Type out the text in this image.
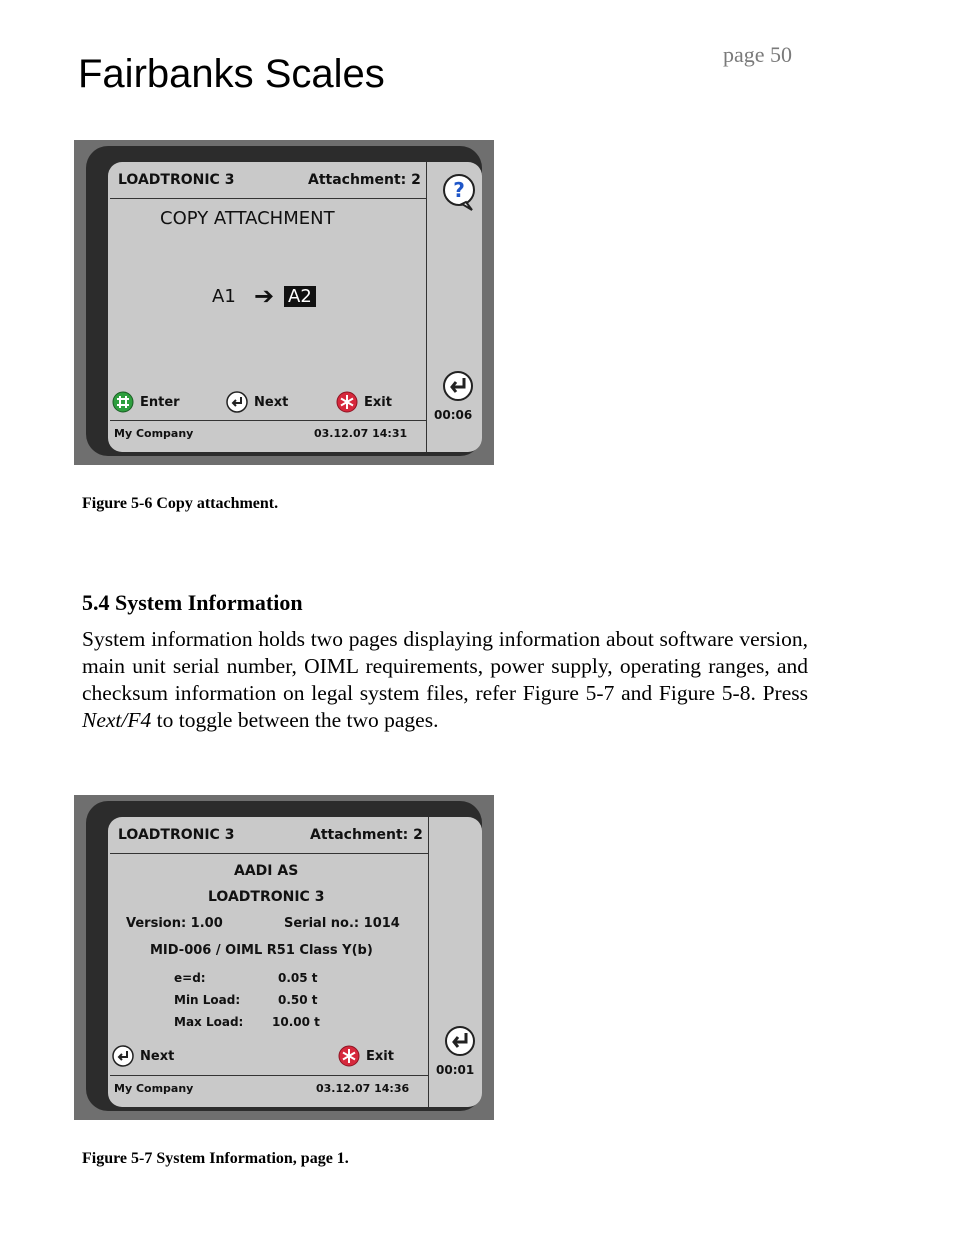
Fairbanks Scales	page 50
LOADTRONIC 3	Attachment: 2 ?
COPY ATTACHMENT
A1 ➔ A2
Enter	Next	Exit
00:06
My Company	03.12.07 14:31
Figure 5-6 Copy attachment.
5.4 System Information
System information holds two pages displaying information about software version, main unit serial number, OIML requirements, power supply, operating ranges, and checksum information on legal system files, refer Figure 5-7 and Figure 5-8. Press Next/F4 to toggle between the two pages.
LOADTRONIC 3	Attachment: 2
AADI AS
LOADTRONIC 3
Version: 1.00	Serial no.: 1014
MID-006 / OIML R51 Class Y(b)
e=d:	0.05 t
Min Load:	0.50 t
Max Load: 10.00 t
Next	Exit
00:01
My Company	03.12.07 14:36
Figure 5-7 System Information, page 1.
